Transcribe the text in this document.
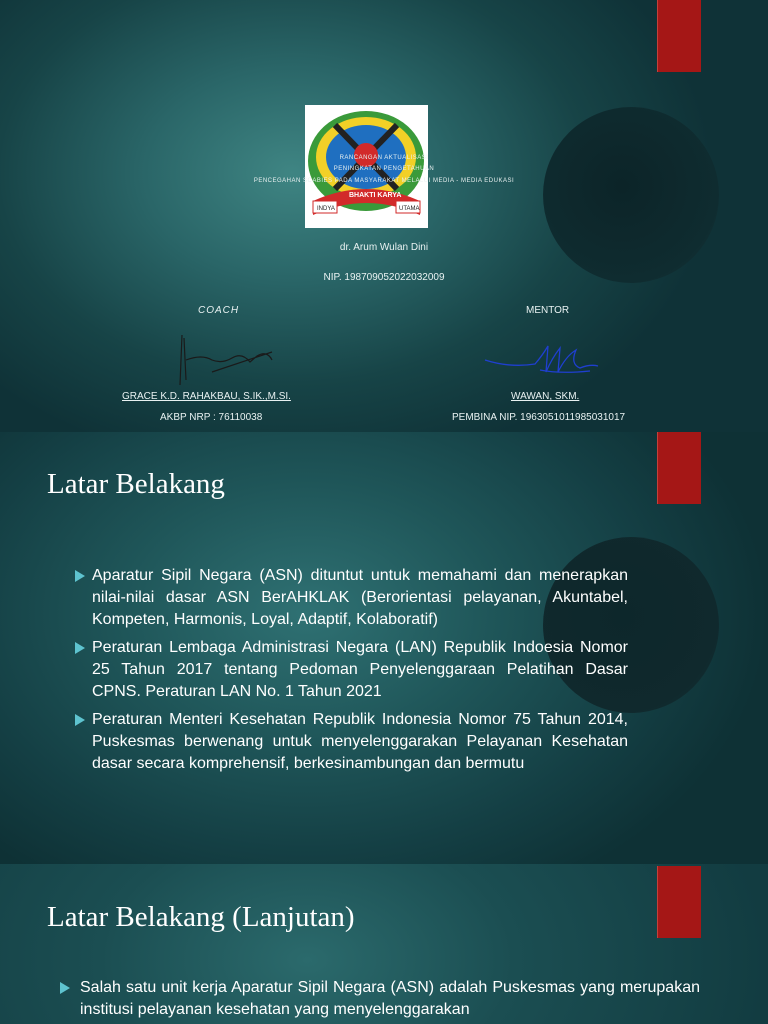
INDYA
BHAKTI KARYA
UTAMA
RANCANGAN AKTUALISASI
PENINGKATAN PENGETAHUAN
PENCEGAHAN SCABIES PADA MASYARAKAT MELALUI MEDIA - MEDIA EDUKASI
dr. Arum Wulan Dini
NIP. 198709052022032009
COACH	MENTOR
GRACE K.D. RAHAKBAU, S.IK.,M.SI.
AKBP NRP : 76110038
WAWAN, SKM.
PEMBINA NIP. 1963051011985031017
Latar Belakang
Aparatur Sipil Negara (ASN) dituntut untuk memahami dan menerapkan nilai-nilai dasar ASN BerAHKLAK (Berorientasi pelayanan, Akuntabel, Kompeten, Harmonis, Loyal, Adaptif, Kolaboratif)
Peraturan Lembaga Administrasi Negara (LAN) Republik Indoesia Nomor 25 Tahun 2017 tentang Pedoman Penyelenggaraan Pelatihan Dasar CPNS. Peraturan LAN No. 1 Tahun 2021
Peraturan Menteri Kesehatan Republik Indonesia Nomor 75 Tahun 2014, Puskesmas berwenang untuk menyelenggarakan Pelayanan Kesehatan dasar secara komprehensif, berkesinambungan dan bermutu
Latar Belakang (Lanjutan)
Salah satu unit kerja Aparatur Sipil Negara (ASN) adalah Puskesmas yang merupakan institusi pelayanan kesehatan yang menyelenggarakan
